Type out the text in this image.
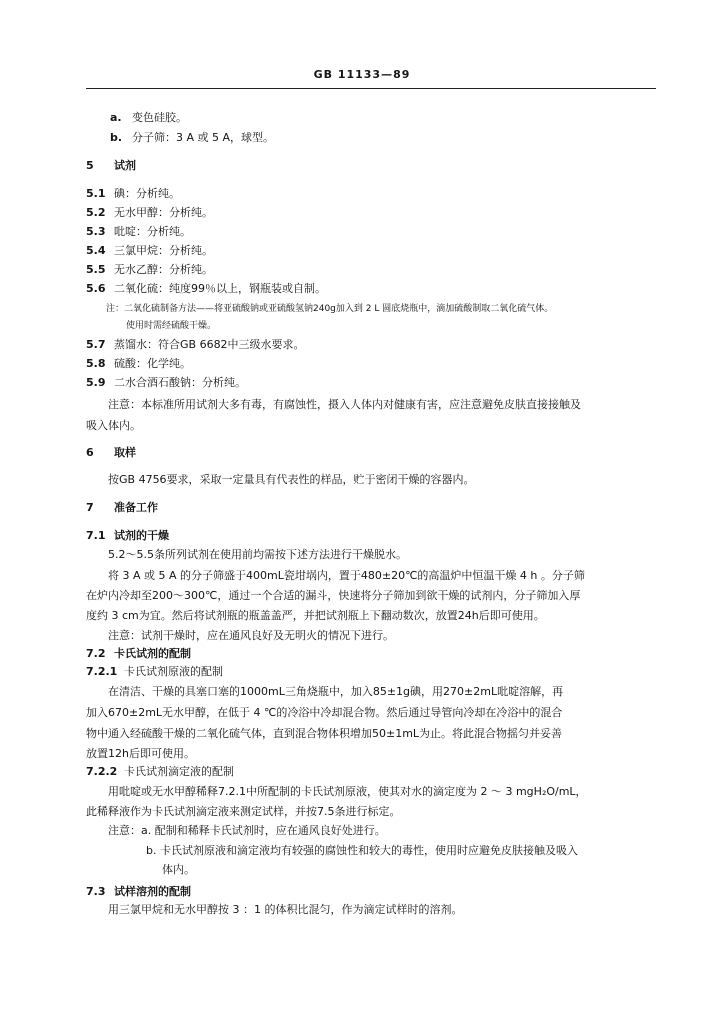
GB 11133—89
a. 变色硅胶。
b. 分子筛：3 A 或 5 A，球型。
5 试剂
5.1 碘：分析纯。
5.2 无水甲醇：分析纯。
5.3 吡啶：分析纯。
5.4 三氯甲烷：分析纯。
5.5 无水乙醇：分析纯。
5.6 二氧化硫：纯度99％以上，钢瓶装或自制。
注：二氧化硫制备方法——将亚硫酸钠或亚硫酸氢钠240g加入到 2 L 圆底烧瓶中，滴加硫酸制取二氧化硫气体。
使用时需经硫酸干燥。
5.7 蒸馏水：符合GB 6682中三级水要求。
5.8 硫酸：化学纯。
5.9 二水合酒石酸钠：分析纯。
注意：本标准所用试剂大多有毒，有腐蚀性，摄入人体内对健康有害，应注意避免皮肤直接接触及
吸入体内。
6 取样
按GB 4756要求，采取一定量具有代表性的样品，贮于密闭干燥的容器内。
7 准备工作
7.1 试剂的干燥
5.2～5.5条所列试剂在使用前均需按下述方法进行干燥脱水。
将 3 A 或 5 A 的分子筛盛于400mL瓷坩埚内，置于480±20℃的高温炉中恒温干燥 4 h 。分子筛
在炉内冷却至200～300℃，通过一个合适的漏斗，快速将分子筛加到欲干燥的试剂内，分子筛加入厚
度约 3 cm为宜。然后将试剂瓶的瓶盖盖严，并把试剂瓶上下翻动数次，放置24h后即可使用。
注意：试剂干燥时，应在通风良好及无明火的情况下进行。
7.2 卡氏试剂的配制
7.2.1 卡氏试剂原液的配制
在清洁、干燥的具塞口塞的1000mL三角烧瓶中，加入85±1g碘，用270±2mL吡啶溶解，再
加入670±2mL无水甲醇，在低于 4 ℃的冷浴中冷却混合物。然后通过导管向冷却在冷浴中的混合
物中通入经硫酸干燥的二氧化硫气体，直到混合物体积增加50±1mL为止。将此混合物摇匀并妥善
放置12h后即可使用。
7.2.2 卡氏试剂滴定液的配制
用吡啶或无水甲醇稀释7.2.1中所配制的卡氏试剂原液，使其对水的滴定度为 2 ～ 3 mgH₂O/mL，
此稀释液作为卡氏试剂滴定液来测定试样，并按7.5条进行标定。
注意：a. 配制和稀释卡氏试剂时，应在通风良好处进行。
b. 卡氏试剂原液和滴定液均有较强的腐蚀性和较大的毒性，使用时应避免皮肤接触及吸入
体内。
7.3 试样溶剂的配制
用三氯甲烷和无水甲醇按 3 ：1 的体积比混匀，作为滴定试样时的溶剂。
